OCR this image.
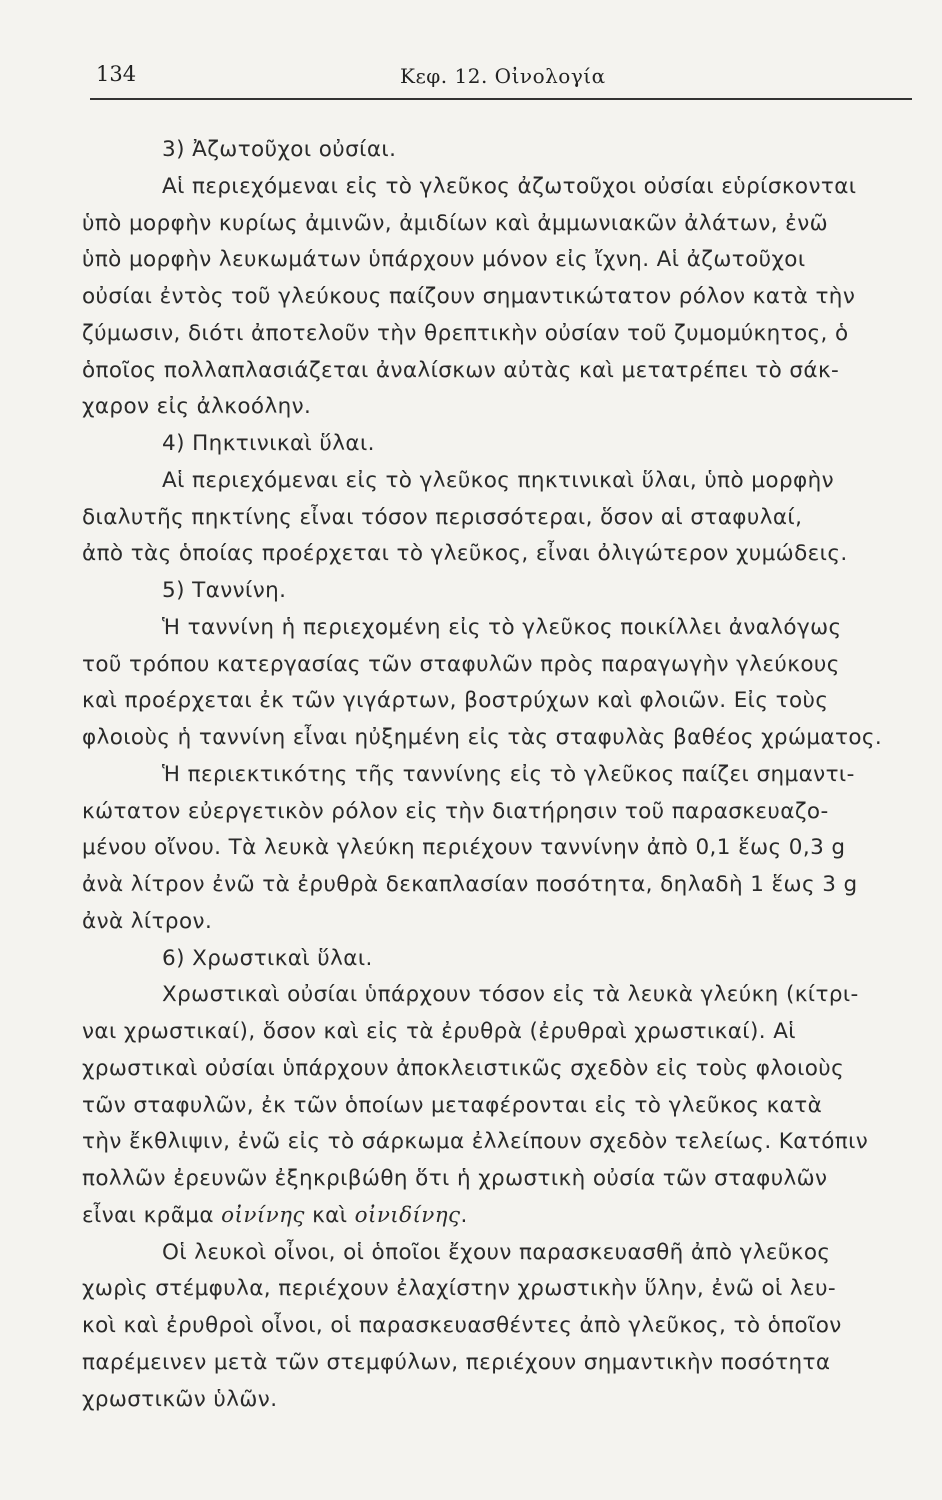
134	Κεφ. 12. Οἰνολογία
3) Ἀζωτοῦχοι οὐσίαι.
Αἱ περιεχόμεναι εἰς τὸ γλεῦκος ἀζωτοῦχοι οὐσίαι εὑρίσκονται
ὑπὸ μορφὴν κυρίως ἀμινῶν, ἀμιδίων καὶ ἀμμωνιακῶν ἀλάτων, ἐνῶ
ὑπὸ μορφὴν λευκωμάτων ὑπάρχουν μόνον εἰς ἴχνη. Αἱ ἀζωτοῦχοι
οὐσίαι ἐντὸς τοῦ γλεύκους παίζουν σημαντικώτατον ρόλον κατὰ τὴν
ζύμωσιν, διότι ἀποτελοῦν τὴν θρεπτικὴν οὐσίαν τοῦ ζυμομύκητος, ὁ
ὁποῖος πολλαπλασιάζεται ἀναλίσκων αὐτὰς καὶ μετατρέπει τὸ σάκ-
χαρον εἰς ἀλκοόλην.
4) Πηκτινικαὶ ὕλαι.
Αἱ περιεχόμεναι εἰς τὸ γλεῦκος πηκτινικαὶ ὕλαι, ὑπὸ μορφὴν
διαλυτῆς πηκτίνης εἶναι τόσον περισσότεραι, ὅσον αἱ σταφυλαί,
ἀπὸ τὰς ὁποίας προέρχεται τὸ γλεῦκος, εἶναι ὀλιγώτερον χυμώδεις.
5) Ταννίνη.
Ἡ ταννίνη ἡ περιεχομένη εἰς τὸ γλεῦκος ποικίλλει ἀναλόγως
τοῦ τρόπου κατεργασίας τῶν σταφυλῶν πρὸς παραγωγὴν γλεύκους
καὶ προέρχεται ἐκ τῶν γιγάρτων, βοστρύχων καὶ φλοιῶν. Εἰς τοὺς
φλοιοὺς ἡ ταννίνη εἶναι ηὐξημένη εἰς τὰς σταφυλὰς βαθέος χρώματος.
Ἡ περιεκτικότης τῆς ταννίνης εἰς τὸ γλεῦκος παίζει σημαντι-
κώτατον εὐεργετικὸν ρόλον εἰς τὴν διατήρησιν τοῦ παρασκευαζο-
μένου οἴνου. Τὰ λευκὰ γλεύκη περιέχουν ταννίνην ἀπὸ 0,1 ἕως 0,3 g
ἀνὰ λίτρον ἐνῶ τὰ ἐρυθρὰ δεκαπλασίαν ποσότητα, δηλαδὴ 1 ἕως 3 g
ἀνὰ λίτρον.
6) Χρωστικαὶ ὕλαι.
Χρωστικαὶ οὐσίαι ὑπάρχουν τόσον εἰς τὰ λευκὰ γλεύκη (κίτρι-
ναι χρωστικαί), ὅσον καὶ εἰς τὰ ἐρυθρὰ (ἐρυθραὶ χρωστικαί). Αἱ
χρωστικαὶ οὐσίαι ὑπάρχουν ἀποκλειστικῶς σχεδὸν εἰς τοὺς φλοιοὺς
τῶν σταφυλῶν, ἐκ τῶν ὁποίων μεταφέρονται εἰς τὸ γλεῦκος κατὰ
τὴν ἔκθλιψιν, ἐνῶ εἰς τὸ σάρκωμα ἐλλείπουν σχεδὸν τελείως. Κατόπιν
πολλῶν ἐρευνῶν ἐξηκριβώθη ὅτι ἡ χρωστικὴ οὐσία τῶν σταφυλῶν
εἶναι κρᾶμα οἰνίνης καὶ οἰνιδίνης.
Οἱ λευκοὶ οἶνοι, οἱ ὁποῖοι ἔχουν παρασκευασθῆ ἀπὸ γλεῦκος
χωρὶς στέμφυλα, περιέχουν ἐλαχίστην χρωστικὴν ὕλην, ἐνῶ οἱ λευ-
κοὶ καὶ ἐρυθροὶ οἶνοι, οἱ παρασκευασθέντες ἀπὸ γλεῦκος, τὸ ὁποῖον
παρέμεινεν μετὰ τῶν στεμφύλων, περιέχουν σημαντικὴν ποσότητα
χρωστικῶν ὑλῶν.
